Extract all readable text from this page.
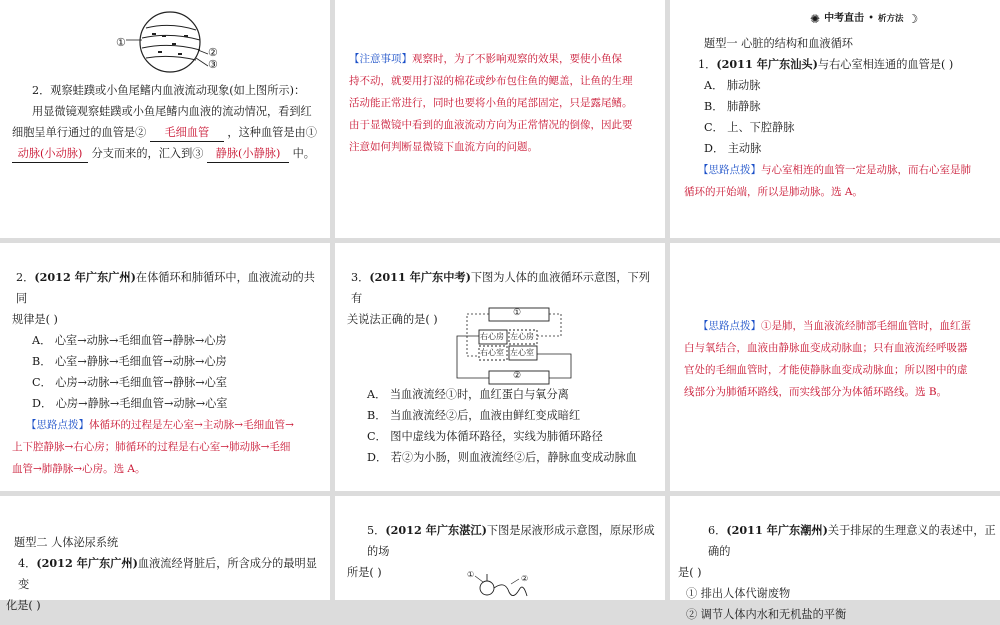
①
②
③

2．观察蛙蹼或小鱼尾鳍内血液流动现象(如上图所示)：

用显微镜观察蛙蹼或小鱼尾鳍内血液的流动情况，看到红

细胞呈单行通过的血管是② 毛细血管 ，这种血管是由①

动脉(小动脉) 分支而来的，汇入到③ 静脉(小静脉) 中。

【注意事项】观察时，为了不影响观察的效果，要使小鱼保

持不动，就要用打湿的棉花或纱布包住鱼的鳃盖，让鱼的生理

活动能正常进行，同时也要将小鱼的尾部固定，只是露尾鳍。

由于显微镜中看到的血液流动方向为正常情况的倒像，因此要

注意如何判断显微镜下血流方向的问题。

✺ 中考直击 • 析方法 ☽

题型一 心脏的结构和血液循环

1．(2011 年广东汕头)与右心室相连通的血管是( )

A． 肺动脉

B． 肺静脉

C． 上、下腔静脉

D． 主动脉

【思路点拨】与心室相连的血管一定是动脉，而右心室是肺

循环的开始端，所以是肺动脉。选 A。

2．(2012 年广东广州)在体循环和肺循环中，血液流动的共同

规律是( )

A． 心室→动脉→毛细血管→静脉→心房

B． 心室→静脉→毛细血管→动脉→心房

C． 心房→动脉→毛细血管→静脉→心室

D． 心房→静脉→毛细血管→动脉→心室

【思路点拨】体循环的过程是左心室→主动脉→毛细血管→

上下腔静脉→右心房；肺循环的过程是右心室→肺动脉→毛细

血管→肺静脉→心房。选 A。

3．(2011 年广东中考)下图为人体的血液循环示意图，下列有

关说法正确的是( )	①
②
右心房 左心房
右心室 左心室

A． 当血液流经①时，血红蛋白与氧分离

B． 当血液流经②后，血液由鲜红变成暗红

C． 图中虚线为体循环路径，实线为肺循环路径

D． 若②为小肠，则血液流经②后，静脉血变成动脉血

【思路点拨】①是肺，当血液流经肺部毛细血管时，血红蛋

白与氧结合，血液由静脉血变成动脉血；只有血液流经呼吸器

官处的毛细血管时，才能使静脉血变成动脉血；所以图中的虚

线部分为肺循环路线，而实线部分为体循环路线。选 B。

题型二 人体泌尿系统

4．(2012 年广东广州)血液流经肾脏后，所含成分的最明显变

化是( )

5．(2012 年广东湛江)下图是尿液形成示意图，原尿形成的场

所是( )	①	②

6．(2011 年广东潮州)关于排尿的生理意义的表述中，正确的

是( )

① 排出人体代谢废物

② 调节人体内水和无机盐的平衡
